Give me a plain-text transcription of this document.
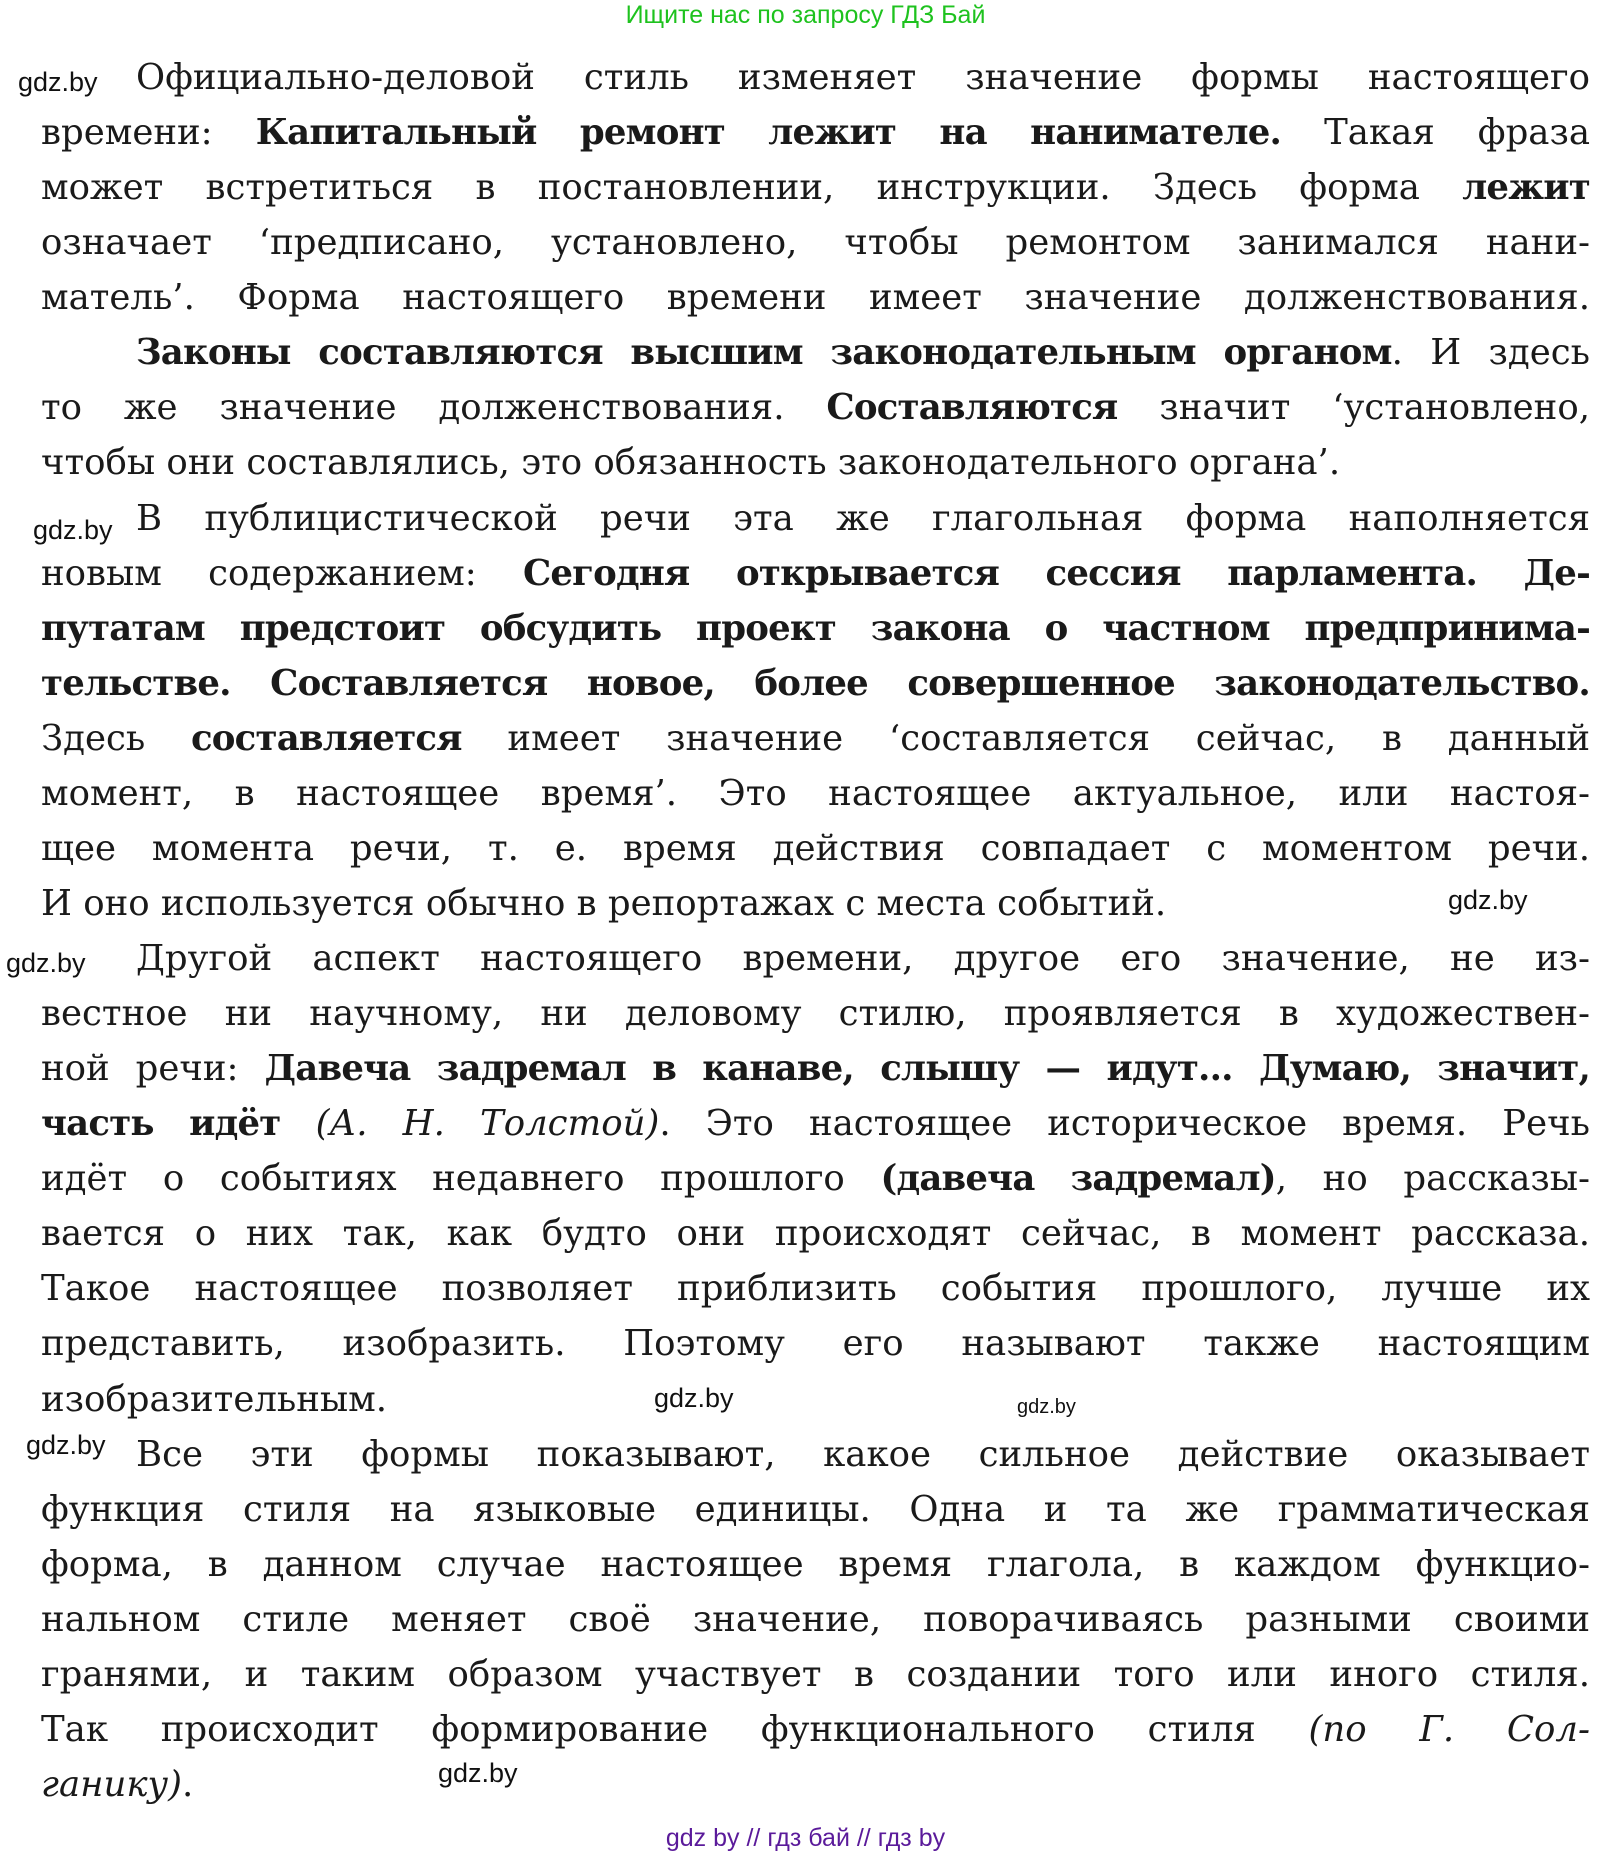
Ищите нас по запросу ГДЗ Бай
Официально-деловой стиль изменяет значение формы настоящего
времени: Капитальный ремонт лежит на нанимателе. Такая фраза
может встретиться в постановлении, инструкции. Здесь форма лежит
означает ‘предписано, установлено, чтобы ремонтом занимался нани-
матель’. Форма настоящего времени имеет значение долженствования.
Законы составляются высшим законодательным органом. И здесь
то же значение долженствования. Составляются значит ‘установлено,
чтобы они составлялись, это обязанность законодательного органа’.
В публицистической речи эта же глагольная форма наполняется
новым содержанием: Сегодня открывается сессия парламента. Де-
путатам предстоит обсудить проект закона о частном предпринима-
тельстве. Составляется новое, более совершенное законодательство.
Здесь составляется имеет значение ‘составляется сейчас, в данный
момент, в настоящее время’. Это настоящее актуальное, или настоя-
щее момента речи, т. е. время действия совпадает с моментом речи.
И оно используется обычно в репортажах с места событий.
Другой аспект настоящего времени, другое его значение, не из-
вестное ни научному, ни деловому стилю, проявляется в художествен-
ной речи: Давеча задремал в канаве, слышу — идут... Думаю, значит,
часть идёт (А. Н. Толстой). Это настоящее историческое время. Речь
идёт о событиях недавнего прошлого (давеча задремал), но рассказы-
вается о них так, как будто они происходят сейчас, в момент рассказа.
Такое настоящее позволяет приблизить события прошлого, лучше их
представить, изобразить. Поэтому его называют также настоящим
изобразительным.
Все эти формы показывают, какое сильное действие оказывает
функция стиля на языковые единицы. Одна и та же грамматическая
форма, в данном случае настоящее время глагола, в каждом функцио-
нальном стиле меняет своё значение, поворачиваясь разными своими
гранями, и таким образом участвует в создании того или иного стиля.
Так происходит формирование функционального стиля (по Г. Сол-
ганику).
gdz.by
gdz.by
gdz.by
gdz.by
gdz.by
gdz.by
gdz.by
gdz.by
gdz by // гдз бай // гдз by
